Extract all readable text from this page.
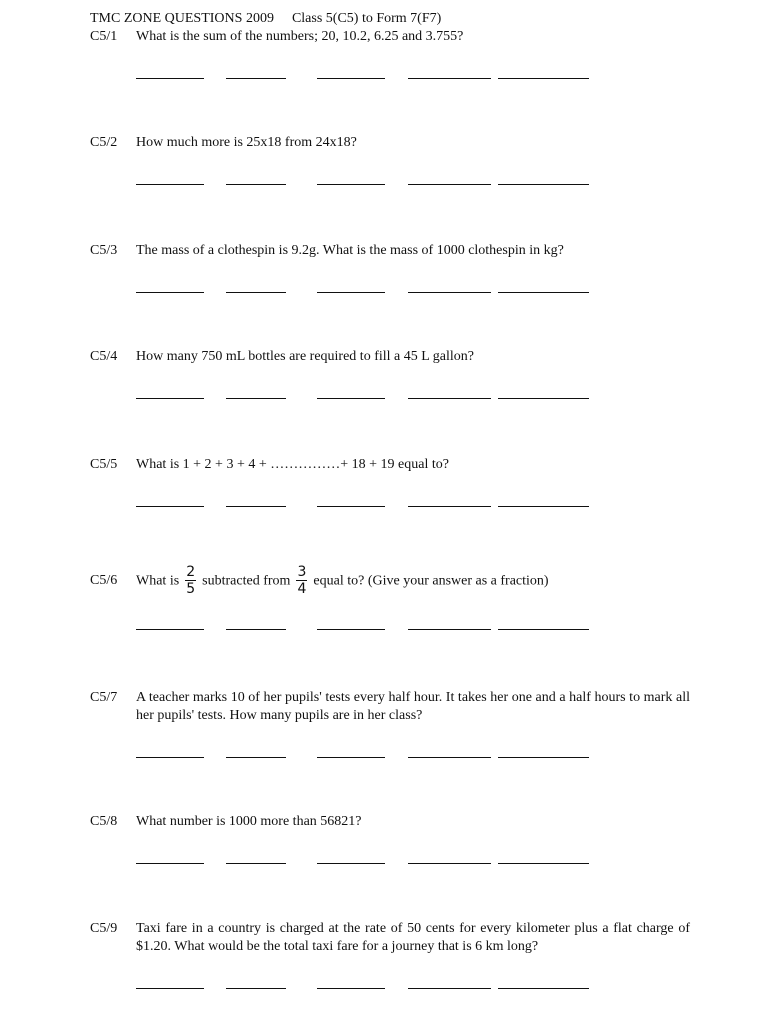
TMC ZONE QUESTIONS 2009 Class 5(C5) to Form 7(F7)
C5/1	What is the sum of the numbers; 20, 10.2, 6.25 and 3.755?
C5/2	How much more is 25x18 from 24x18?
C5/3	The mass of a clothespin is 9.2g. What is the mass of 1000 clothespin in kg?
C5/4	How many 750 mL bottles are required to fill a 45 L gallon?
C5/5	What is 1 + 2 + 3 + 4 + ……………+ 18 + 19 equal to?
C5/6	What is $\frac{2}{5}$ subtracted from $\frac{3}{4}$ equal to? (Give your answer as a fraction)
C5/7	A teacher marks 10 of her pupils' tests every half hour. It takes her one and a half hours to mark all her pupils' tests. How many pupils are in her class?
C5/8	What number is 1000 more than 56821?
C5/9	Taxi fare in a country is charged at the rate of 50 cents for every kilometer plus a flat charge of $1.20. What would be the total taxi fare for a journey that is 6 km long?
